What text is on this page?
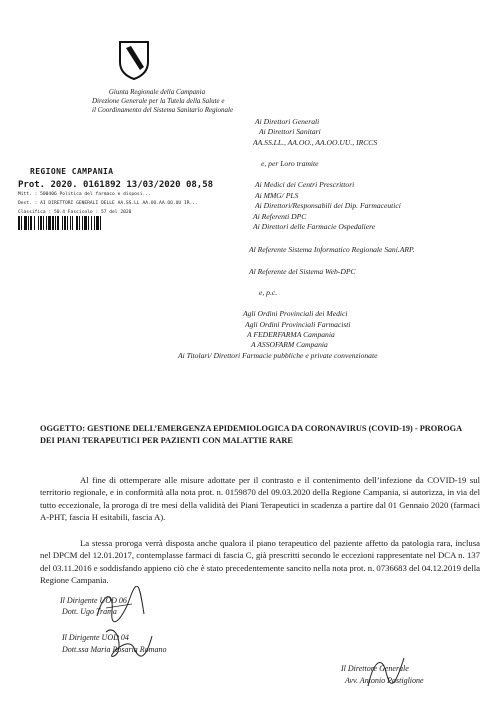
Giunta Regionale della Campania
Direzione Generale per la Tutela della Salute e
il Coordinamento del Sistema Sanitario Regionale
Ai Direttori Generali
Ai Direttori Sanitari
AA.SS.LL., AA.OO., AA.OO.UU., IRCCS
e, per Loro tramite
Ai Medici dei Centri Prescrittori
Ai MMG/ PLS
Ai Direttori/Responsabili dei Dip. Farmaceutici
Ai Referenti DPC
Ai Direttori delle Farmacie Ospedaliere
Al Referente Sistema Informatico Regionale Sani.ARP.
Al Referente del Sistema Web-DPC
e, p.c.
Agli Ordini Provinciali dei Medici
Agli Ordini Provinciali Farmacisti
A FEDERFARMA Campania
A ASSOFARM Campania
Ai Titolari/ Direttori Farmacie pubbliche e private convenzionate
REGIONE CAMPANIA
Prot. 2020. 0161892 13/03/2020 08,58
Mitt. : 500406 Politica del farmaco e disposi...
Dest. : AI DIRETTORI GENERALI DELLE AA.SS.LL AA.OO.AA.OO.UU IR...
Classifica : 50.4 Fascicolo : 57 del 2020
OGGETTO: GESTIONE DELL’EMERGENZA EPIDEMIOLOGICA DA CORONAVIRUS (COVID-19) - PROROGA DEI PIANI TERAPEUTICI PER PAZIENTI CON MALATTIE RARE
Al fine di ottemperare alle misure adottate per il contrasto e il contenimento dell’infezione da COVID-19 sul territorio regionale, e in conformità alla nota prot. n. 0159870 del 09.03.2020 della Regione Campania, si autorizza, in via del tutto eccezionale, la proroga di tre mesi della validità dei Piani Terapeutici in scadenza a partire dal 01 Gennaio 2020 (farmaci A-PHT, fascia H esitabili, fascia A).
La stessa proroga verrà disposta anche qualora il piano terapeutico del paziente affetto da patologia rara, inclusa nel DPCM del 12.01.2017, contemplasse farmaci di fascia C, già prescritti secondo le eccezioni rappresentate nel DCA n. 137 del 03.11.2016 e soddisfando appieno ciò che è stato precedentemente sancito nella nota prot. n. 0736683 del 04.12.2019 della Regione Campania.
Il Dirigente UOD 06
Dott. Ugo Trama
Il Dirigente UOD 04
Dott.ssa Maria Rosaria Romano
Il Direttore Generale
Avv. Antonio Postiglione
